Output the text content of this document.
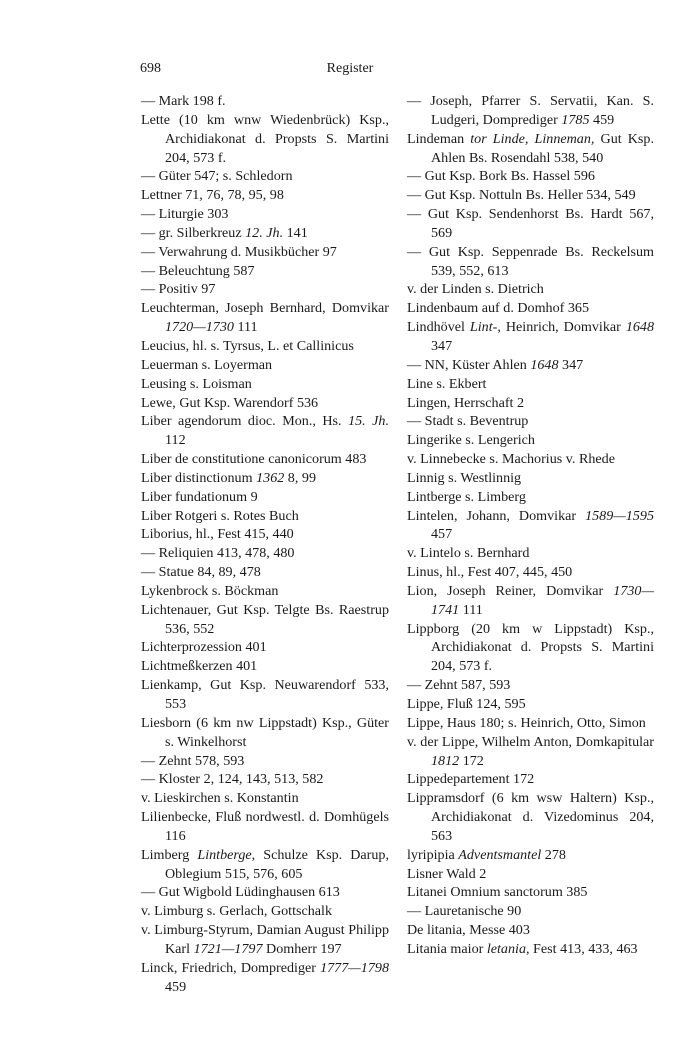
698	Register
— Mark 198 f.
Lette (10 km wnw Wiedenbrück) Ksp., Archidiakonat d. Propsts S. Martini 204, 573 f.
— Güter 547; s. Schledorn
Lettner 71, 76, 78, 95, 98
— Liturgie 303
— gr. Silberkreuz 12. Jh. 141
— Verwahrung d. Musikbücher 97
— Beleuchtung 587
— Positiv 97
Leuchterman, Joseph Bernhard, Domvikar 1720—1730 111
Leucius, hl. s. Tyrsus, L. et Callinicus
Leuerman s. Loyerman
Leusing s. Loisman
Lewe, Gut Ksp. Warendorf 536
Liber agendorum dioc. Mon., Hs. 15. Jh. 112
Liber de constitutione canonicorum 483
Liber distinctionum 1362 8, 99
Liber fundationum 9
Liber Rotgeri s. Rotes Buch
Liborius, hl., Fest 415, 440
— Reliquien 413, 478, 480
— Statue 84, 89, 478
Lykenbrock s. Böckman
Lichtenauer, Gut Ksp. Telgte Bs. Raestrup 536, 552
Lichterprozession 401
Lichtmeßkerzen 401
Lienkamp, Gut Ksp. Neuwarendorf 533, 553
Liesborn (6 km nw Lippstadt) Ksp., Güter s. Winkelhorst
— Zehnt 578, 593
— Kloster 2, 124, 143, 513, 582
v. Lieskirchen s. Konstantin
Lilienbecke, Fluß nordwestl. d. Domhügels 116
Limberg Lintberge, Schulze Ksp. Darup, Oblegium 515, 576, 605
— Gut Wigbold Lüdinghausen 613
v. Limburg s. Gerlach, Gottschalk
v. Limburg-Styrum, Damian August Philipp Karl 1721—1797 Domherr 197
Linck, Friedrich, Domprediger 1777—1798 459
— Joseph, Pfarrer S. Servatii, Kan. S. Ludgeri, Domprediger 1785 459
Lindeman tor Linde, Linneman, Gut Ksp. Ahlen Bs. Rosendahl 538, 540
— Gut Ksp. Bork Bs. Hassel 596
— Gut Ksp. Nottuln Bs. Heller 534, 549
— Gut Ksp. Sendenhorst Bs. Hardt 567, 569
— Gut Ksp. Seppenrade Bs. Reckelsum 539, 552, 613
v. der Linden s. Dietrich
Lindenbaum auf d. Domhof 365
Lindhövel Lint-, Heinrich, Domvikar 1648 347
— NN, Küster Ahlen 1648 347
Line s. Ekbert
Lingen, Herrschaft 2
— Stadt s. Beventrup
Lingerike s. Lengerich
v. Linnebecke s. Machorius v. Rhede
Linnig s. Westlinnig
Lintberge s. Limberg
Lintelen, Johann, Domvikar 1589—1595 457
v. Lintelo s. Bernhard
Linus, hl., Fest 407, 445, 450
Lion, Joseph Reiner, Domvikar 1730—1741 111
Lippborg (20 km w Lippstadt) Ksp., Archidiakonat d. Propsts S. Martini 204, 573 f.
— Zehnt 587, 593
Lippe, Fluß 124, 595
Lippe, Haus 180; s. Heinrich, Otto, Simon
v. der Lippe, Wilhelm Anton, Domkapitular 1812 172
Lippedepartement 172
Lippramsdorf (6 km wsw Haltern) Ksp., Archidiakonat d. Vizedominus 204, 563
lyripipia Adventsmantel 278
Lisner Wald 2
Litanei Omnium sanctorum 385
— Lauretanische 90
De litania, Messe 403
Litania maior letania, Fest 413, 433, 463
